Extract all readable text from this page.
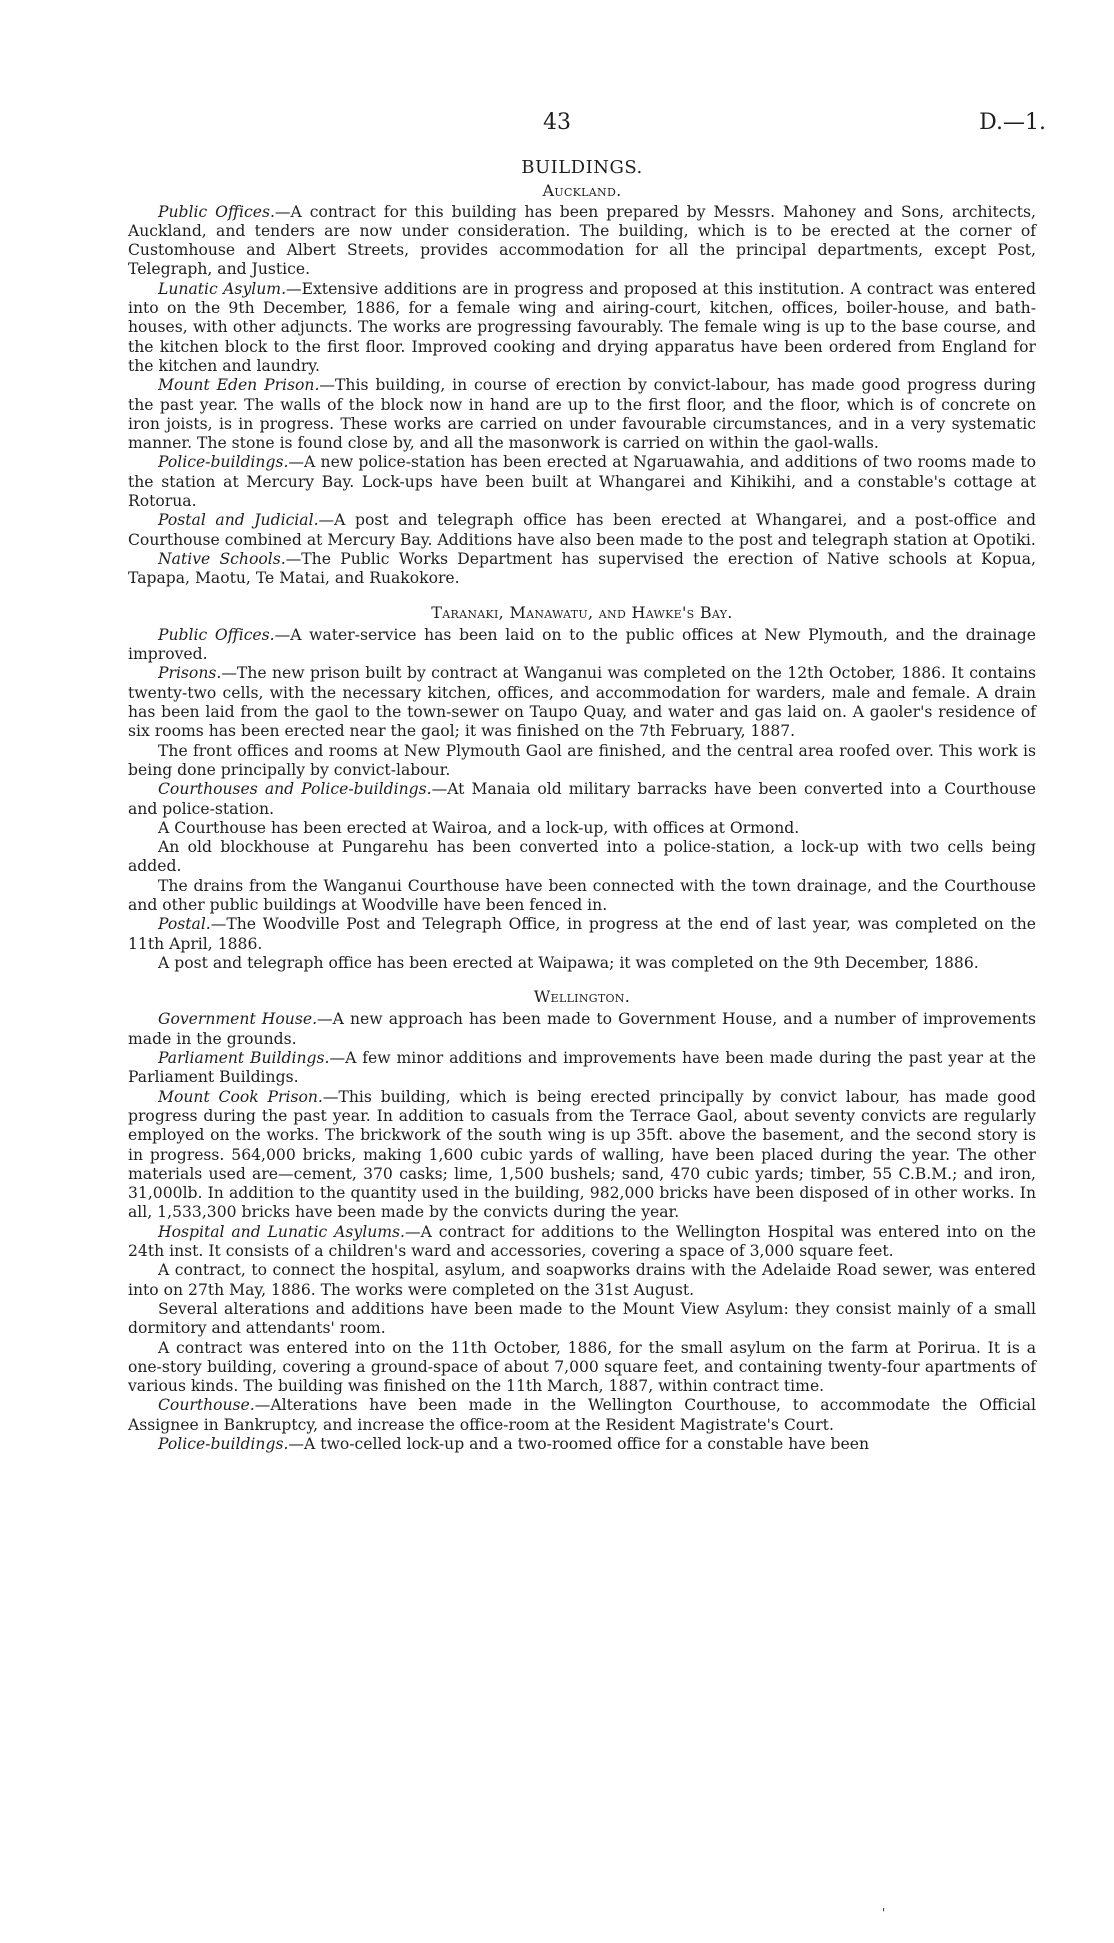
43	D.—1.
BUILDINGS.
Auckland.

Public Offices.—A contract for this building has been prepared by Messrs. Mahoney and Sons, architects, Auckland, and tenders are now under consideration. The building, which is to be erected at the corner of Customhouse and Albert Streets, provides accommodation for all the principal departments, except Post, Telegraph, and Justice.

Lunatic Asylum.—Extensive additions are in progress and proposed at this institution. A contract was entered into on the 9th December, 1886, for a female wing and airing-court, kitchen, offices, boiler-house, and bath-houses, with other adjuncts. The works are progressing favourably. The female wing is up to the base course, and the kitchen block to the first floor. Improved cooking and drying apparatus have been ordered from England for the kitchen and laundry.

Mount Eden Prison.—This building, in course of erection by convict-labour, has made good progress during the past year. The walls of the block now in hand are up to the first floor, and the floor, which is of concrete on iron joists, is in progress. These works are carried on under favourable circumstances, and in a very systematic manner. The stone is found close by, and all the masonwork is carried on within the gaol-walls.

Police-buildings.—A new police-station has been erected at Ngaruawahia, and additions of two rooms made to the station at Mercury Bay. Lock-ups have been built at Whangarei and Kihikihi, and a constable's cottage at Rotorua.

Postal and Judicial.—A post and telegraph office has been erected at Whangarei, and a post-office and Courthouse combined at Mercury Bay. Additions have also been made to the post and telegraph station at Opotiki.

Native Schools.—The Public Works Department has supervised the erection of Native schools at Kopua, Tapapa, Maotu, Te Matai, and Ruakokore.

Taranaki, Manawatu, and Hawke's Bay.

Public Offices.—A water-service has been laid on to the public offices at New Plymouth, and the drainage improved.

Prisons.—The new prison built by contract at Wanganui was completed on the 12th October, 1886. It contains twenty-two cells, with the necessary kitchen, offices, and accommodation for warders, male and female. A drain has been laid from the gaol to the town-sewer on Taupo Quay, and water and gas laid on. A gaoler's residence of six rooms has been erected near the gaol; it was finished on the 7th February, 1887.

The front offices and rooms at New Plymouth Gaol are finished, and the central area roofed over. This work is being done principally by convict-labour.

Courthouses and Police-buildings.—At Manaia old military barracks have been converted into a Courthouse and police-station.

A Courthouse has been erected at Wairoa, and a lock-up, with offices at Ormond.

An old blockhouse at Pungarehu has been converted into a police-station, a lock-up with two cells being added.

The drains from the Wanganui Courthouse have been connected with the town drainage, and the Courthouse and other public buildings at Woodville have been fenced in.

Postal.—The Woodville Post and Telegraph Office, in progress at the end of last year, was completed on the 11th April, 1886.

A post and telegraph office has been erected at Waipawa; it was completed on the 9th December, 1886.

Wellington.

Government House.—A new approach has been made to Government House, and a number of improvements made in the grounds.

Parliament Buildings.—A few minor additions and improvements have been made during the past year at the Parliament Buildings.

Mount Cook Prison.—This building, which is being erected principally by convict labour, has made good progress during the past year. In addition to casuals from the Terrace Gaol, about seventy convicts are regularly employed on the works. The brickwork of the south wing is up 35ft. above the basement, and the second story is in progress. 564,000 bricks, making 1,600 cubic yards of walling, have been placed during the year. The other materials used are—cement, 370 casks; lime, 1,500 bushels; sand, 470 cubic yards; timber, 55 C.B.M.; and iron, 31,000lb. In addition to the quantity used in the building, 982,000 bricks have been disposed of in other works. In all, 1,533,300 bricks have been made by the convicts during the year.

Hospital and Lunatic Asylums.—A contract for additions to the Wellington Hospital was entered into on the 24th inst. It consists of a children's ward and accessories, covering a space of 3,000 square feet.

A contract, to connect the hospital, asylum, and soapworks drains with the Adelaide Road sewer, was entered into on 27th May, 1886. The works were completed on the 31st August.

Several alterations and additions have been made to the Mount View Asylum: they consist mainly of a small dormitory and attendants' room.

A contract was entered into on the 11th October, 1886, for the small asylum on the farm at Porirua. It is a one-story building, covering a ground-space of about 7,000 square feet, and containing twenty-four apartments of various kinds. The building was finished on the 11th March, 1887, within contract time.

Courthouse.—Alterations have been made in the Wellington Courthouse, to accommodate the Official Assignee in Bankruptcy, and increase the office-room at the Resident Magistrate's Court.

Police-buildings.—A two-celled lock-up and a two-roomed office for a constable have been

'
